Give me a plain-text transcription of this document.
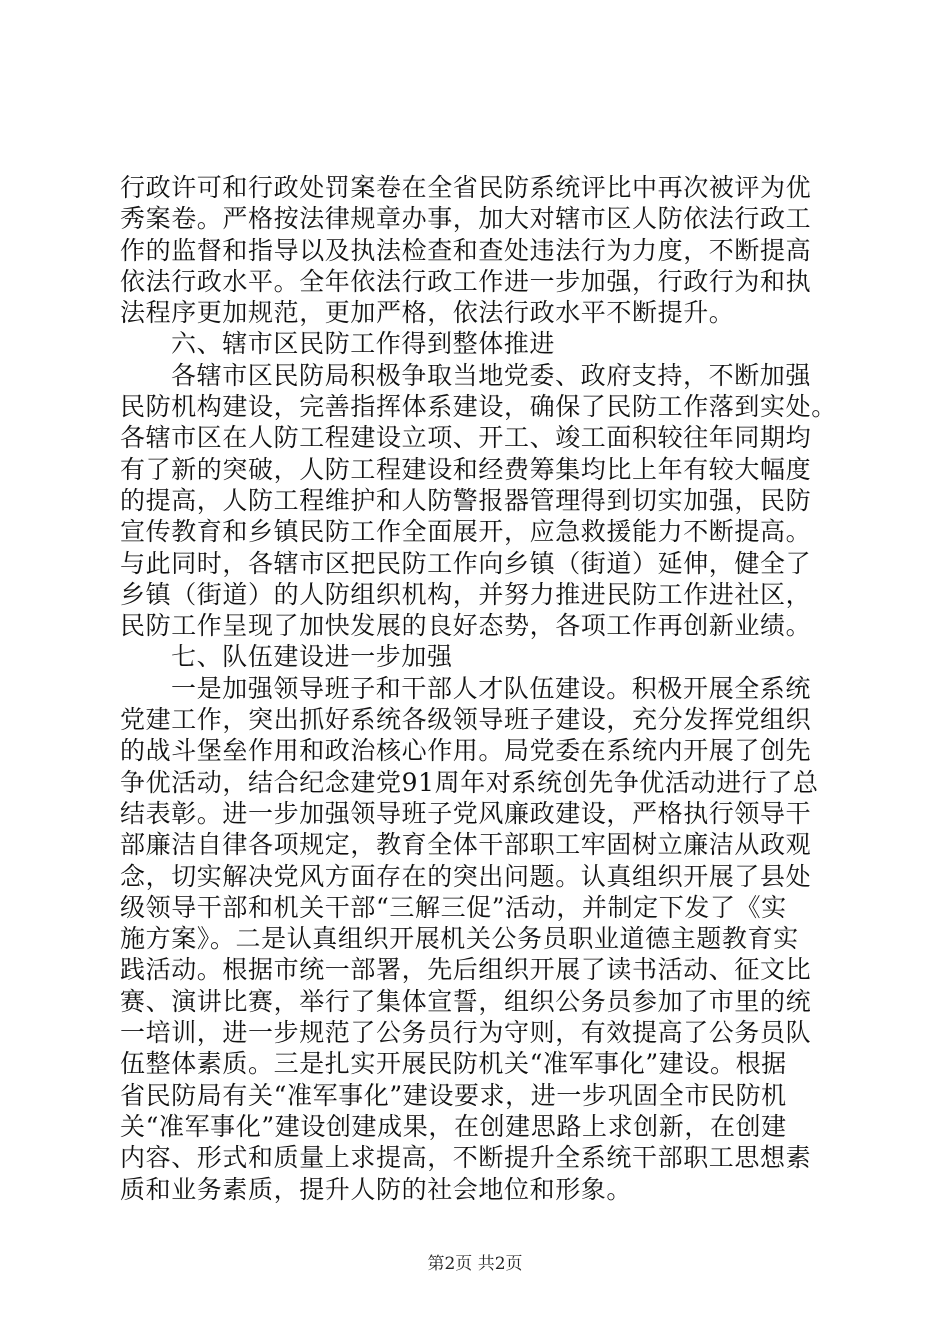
行政许可和行政处罚案卷在全省民防系统评比中再次被评为优
秀案卷。严格按法律规章办事，加大对辖市区人防依法行政工
作的监督和指导以及执法检查和查处违法行为力度，不断提高
依法行政水平。全年依法行政工作进一步加强，行政行为和执
法程序更加规范，更加严格，依法行政水平不断提升。
六、辖市区民防工作得到整体推进
各辖市区民防局积极争取当地党委、政府支持，不断加强
民防机构建设，完善指挥体系建设，确保了民防工作落到实处。
各辖市区在人防工程建设立项、开工、竣工面积较往年同期均
有了新的突破，人防工程建设和经费筹集均比上年有较大幅度
的提高，人防工程维护和人防警报器管理得到切实加强，民防
宣传教育和乡镇民防工作全面展开，应急救援能力不断提高。
与此同时，各辖市区把民防工作向乡镇（街道）延伸，健全了
乡镇（街道）的人防组织机构，并努力推进民防工作进社区，
民防工作呈现了加快发展的良好态势，各项工作再创新业绩。
七、队伍建设进一步加强
一是加强领导班子和干部人才队伍建设。积极开展全系统
党建工作，突出抓好系统各级领导班子建设，充分发挥党组织
的战斗堡垒作用和政治核心作用。局党委在系统内开展了创先
争优活动，结合纪念建党91周年对系统创先争优活动进行了总
结表彰。进一步加强领导班子党风廉政建设，严格执行领导干
部廉洁自律各项规定，教育全体干部职工牢固树立廉洁从政观
念，切实解决党风方面存在的突出问题。认真组织开展了县处
级领导干部和机关干部“三解三促”活动，并制定下发了《实
施方案》。二是认真组织开展机关公务员职业道德主题教育实
践活动。根据市统一部署，先后组织开展了读书活动、征文比
赛、演讲比赛，举行了集体宣誓，组织公务员参加了市里的统
一培训，进一步规范了公务员行为守则，有效提高了公务员队
伍整体素质。三是扎实开展民防机关“准军事化”建设。根据
省民防局有关“准军事化”建设要求，进一步巩固全市民防机
关“准军事化”建设创建成果，在创建思路上求创新，在创建
内容、形式和质量上求提高，不断提升全系统干部职工思想素
质和业务素质，提升人防的社会地位和形象。
第2页 共2页
